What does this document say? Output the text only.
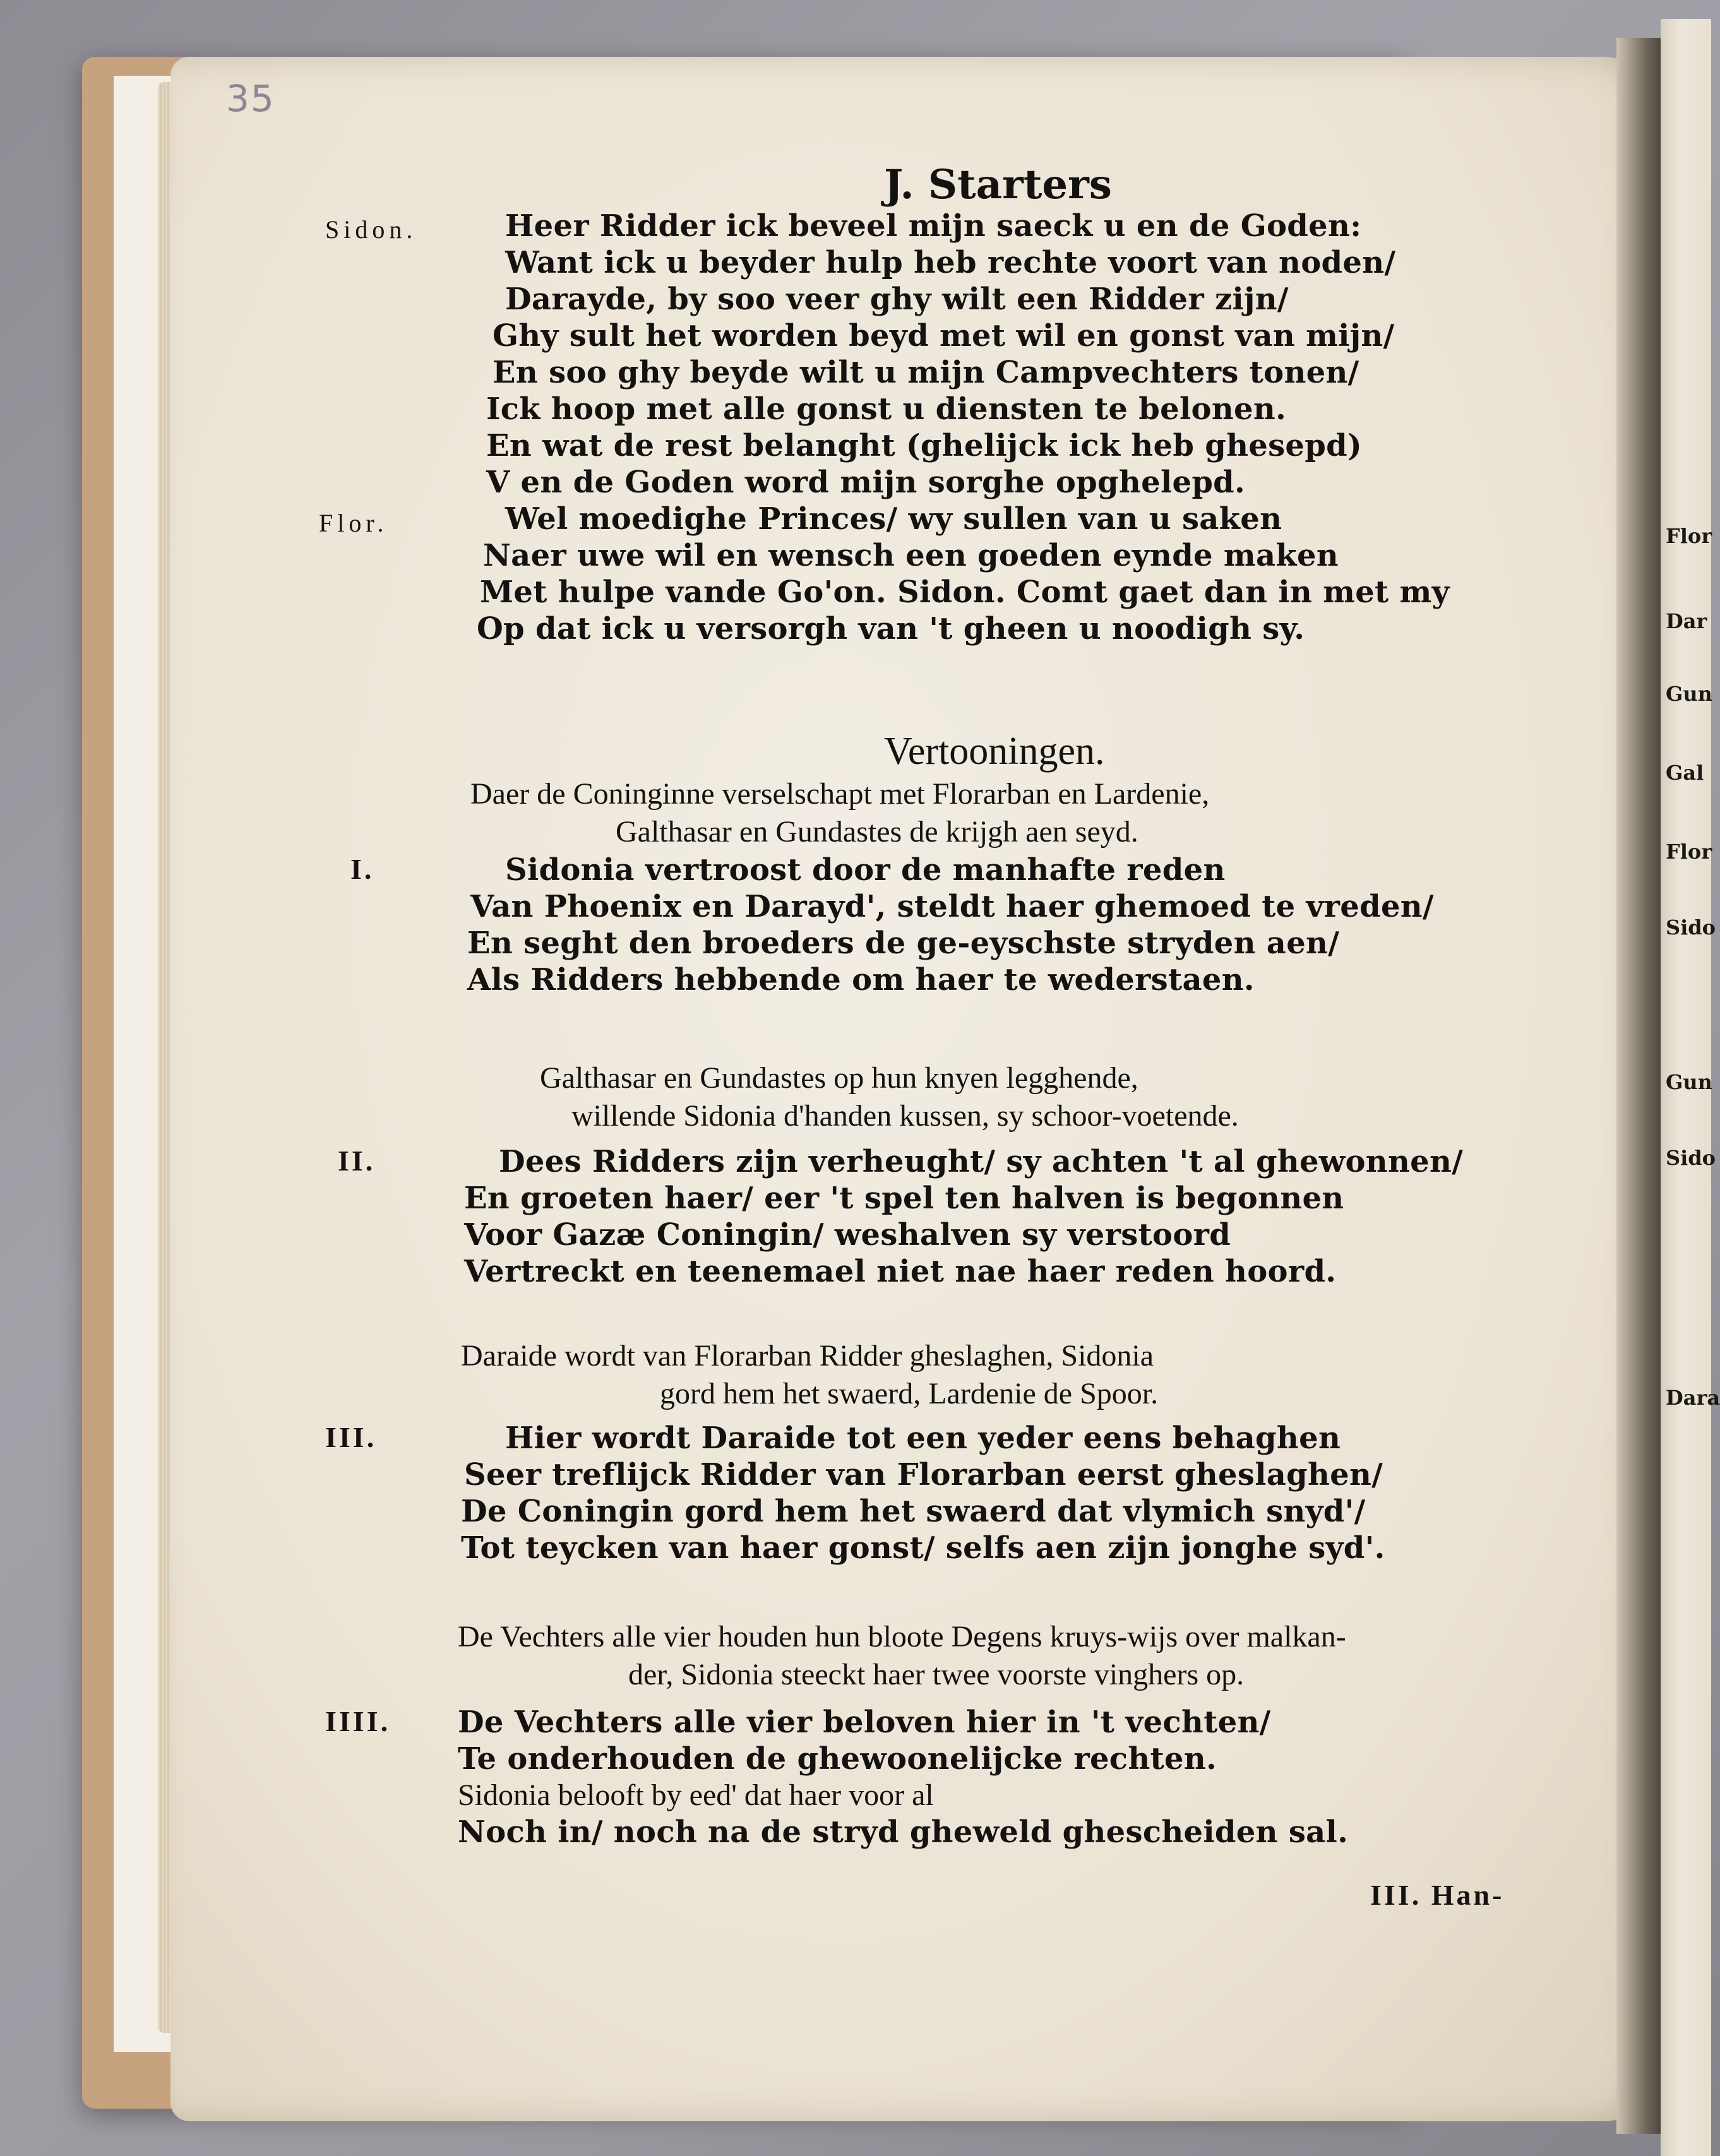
Flor
Dar
Gun
Gal
Flor
Sido
Gun
Sido
Dara
35
J. Starters
Sidon.	Heer Ridder ick beveel mijn saeck u en de Goden:
Want ick u beyder hulp heb rechte voort van noden/
Darayde, by soo veer ghy wilt een Ridder zijn/
Ghy sult het worden beyd met wil en gonst van mijn/
En soo ghy beyde wilt u mijn Campvechters tonen/
Ick hoop met alle gonst u diensten te belonen.
En wat de rest belanght (ghelijck ick heb ghesepd)
V en de Goden word mijn sorghe opghelepd.
Flor.	Wel moedighe Princes/ wy sullen van u saken
Naer uwe wil en wensch een goeden eynde maken
Met hulpe vande Go'on. Sidon. Comt gaet dan in met my
Op dat ick u versorgh van 't gheen u noodigh sy.
Vertooningen.
Daer de Coninginne verselschapt met Florarban en Lardenie,
Galthasar en Gundastes de krijgh aen seyd.
I.	Sidonia vertroost door de manhafte reden
Van Phoenix en Darayd', steldt haer ghemoed te vreden/
En seght den broeders de ge-eyschste stryden aen/
Als Ridders hebbende om haer te wederstaen.
Galthasar en Gundastes op hun knyen legghende,
willende Sidonia d'handen kussen, sy schoor-voetende.
II.	Dees Ridders zijn verheught/ sy achten 't al ghewonnen/
En groeten haer/ eer 't spel ten halven is begonnen
Voor Gazæ Coningin/ weshalven sy verstoord
Vertreckt en teenemael niet nae haer reden hoord.
Daraide wordt van Florarban Ridder gheslaghen, Sidonia
gord hem het swaerd, Lardenie de Spoor.
III.	Hier wordt Daraide tot een yeder eens behaghen
Seer treflijck Ridder van Florarban eerst gheslaghen/
De Coningin gord hem het swaerd dat vlymich snyd'/
Tot teycken van haer gonst/ selfs aen zijn jonghe syd'.
De Vechters alle vier houden hun bloote Degens kruys-wijs over malkan-
der, Sidonia steeckt haer twee voorste vinghers op.
IIII. De Vechters alle vier beloven hier in 't vechten/
Te onderhouden de ghewoonelijcke rechten.
Sidonia belooft by eed' dat haer voor al
Noch in/ noch na de stryd gheweld ghescheiden sal.
III. Han-
